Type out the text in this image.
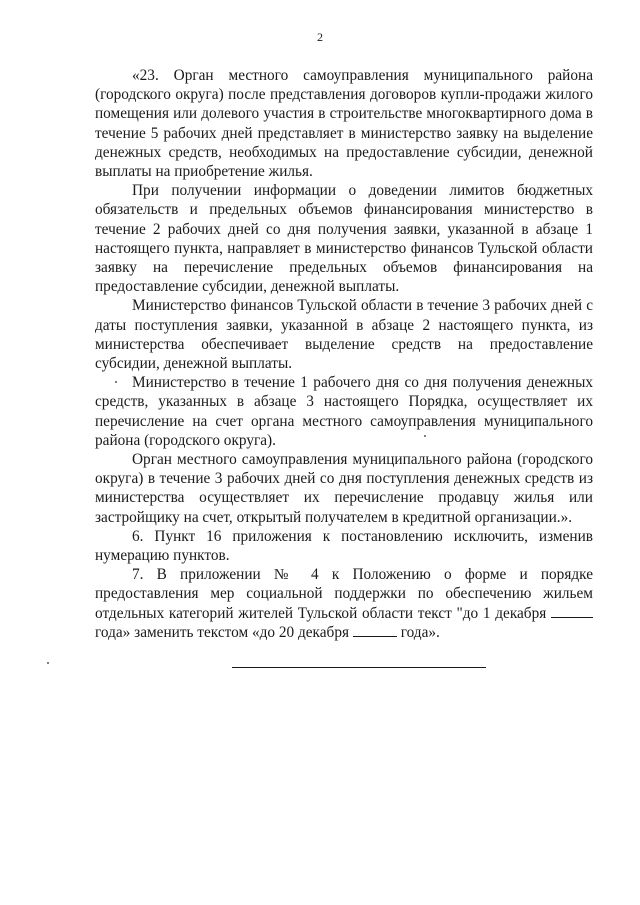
2

«23. Орган местного самоуправления муниципального района (городского округа) после представления договоров купли-продажи жилого помещения или долевого участия в строительстве многоквартирного дома в течение 5 рабочих дней представляет в министерство заявку на выделение денежных средств, необходимых на предоставление субсидии, денежной выплаты на приобретение жилья.

При получении информации о доведении лимитов бюджетных обязательств и предельных объемов финансирования министерство в течение 2 рабочих дней со дня получения заявки, указанной в абзаце 1 настоящего пункта, направляет в министерство финансов Тульской области заявку на перечисление предельных объемов финансирования на предоставление субсидии, денежной выплаты.

Министерство финансов Тульской области в течение 3 рабочих дней с даты поступления заявки, указанной в абзаце 2 настоящего пункта, из министерства обеспечивает выделение средств на предоставление субсидии, денежной выплаты.

Министерство в течение 1 рабочего дня со дня получения денежных средств, указанных в абзаце 3 настоящего Порядка, осуществляет их перечисление на счет органа местного самоуправления муниципального района (городского округа).

Орган местного самоуправления муниципального района (городского округа) в течение 3 рабочих дней со дня поступления денежных средств из министерства осуществляет их перечисление продавцу жилья или застройщику на счет, открытый получателем в кредитной организации.».

6. Пункт 16 приложения к постановлению исключить, изменив нумерацию пунктов.

7. В приложении № 4 к Положению о форме и порядке предоставления мер социальной поддержки по обеспечению жильем отдельных категорий жителей Тульской области текст "до 1 декабря  года» заменить текстом «до 20 декабря	года».
